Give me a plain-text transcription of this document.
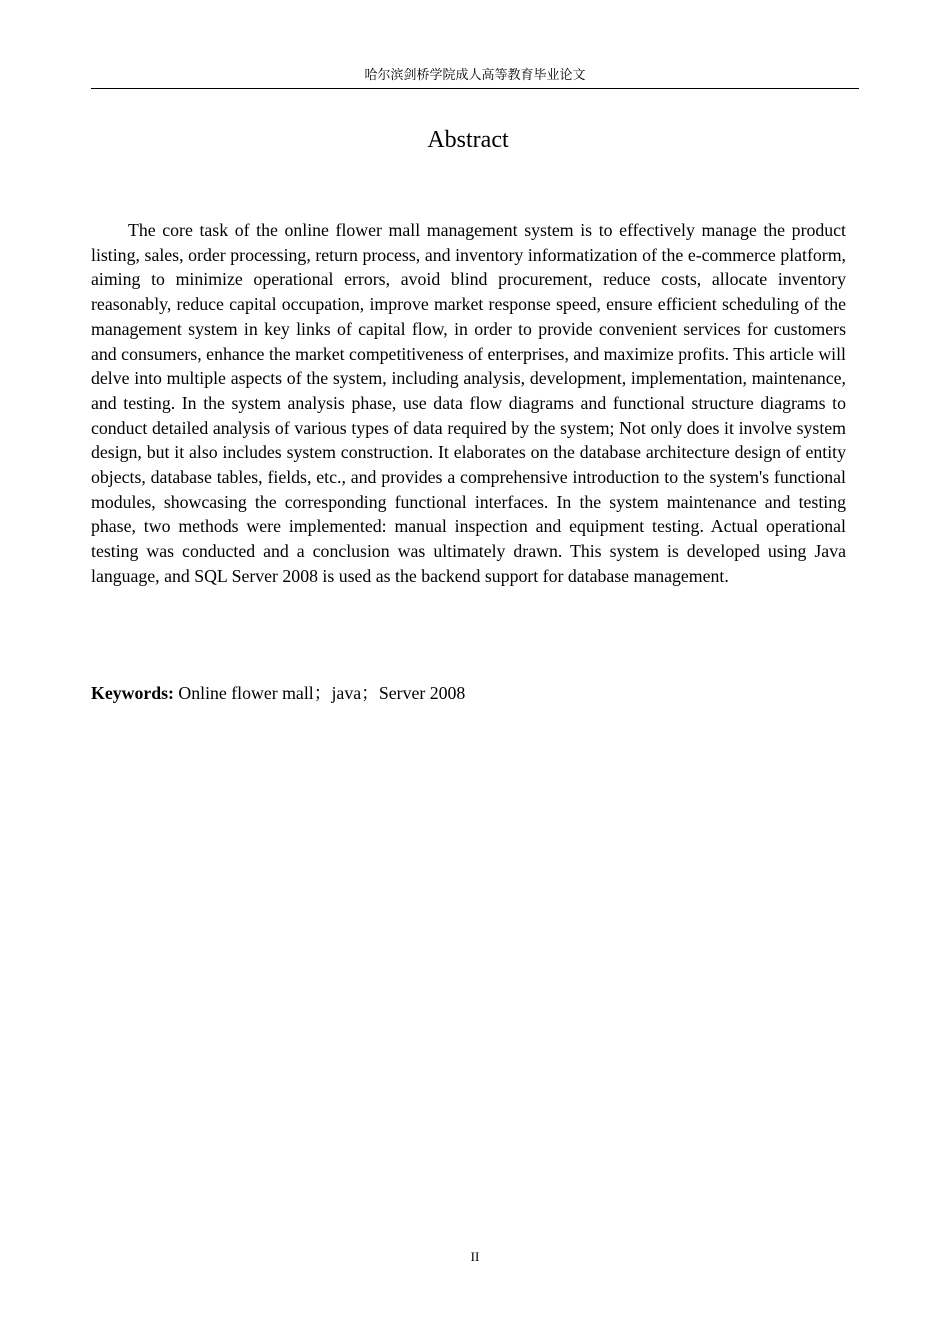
哈尔滨剑桥学院成人高等教育毕业论文
Abstract

The core task of the online flower mall management system is to effectively manage the product listing, sales, order processing, return process, and inventory informatization of the e-commerce platform, aiming to minimize operational errors, avoid blind procurement, reduce costs, allocate inventory reasonably, reduce capital occupation, improve market response speed, ensure efficient scheduling of the management system in key links of capital flow, in order to provide convenient services for customers and consumers, enhance the market competitiveness of enterprises, and maximize profits. This article will delve into multiple aspects of the system, including analysis, development, implementation, maintenance, and testing. In the system analysis phase, use data flow diagrams and functional structure diagrams to conduct detailed analysis of various types of data required by the system; Not only does it involve system design, but it also includes system construction. It elaborates on the database architecture design of entity objects, database tables, fields, etc., and provides a comprehensive introduction to the system's functional modules, showcasing the corresponding functional interfaces. In the system maintenance and testing phase, two methods were implemented: manual inspection and equipment testing. Actual operational testing was conducted and a conclusion was ultimately drawn. This system is developed using Java language, and SQL Server 2008 is used as the backend support for database management.

Keywords: Online flower mall；java；Server 2008

II
